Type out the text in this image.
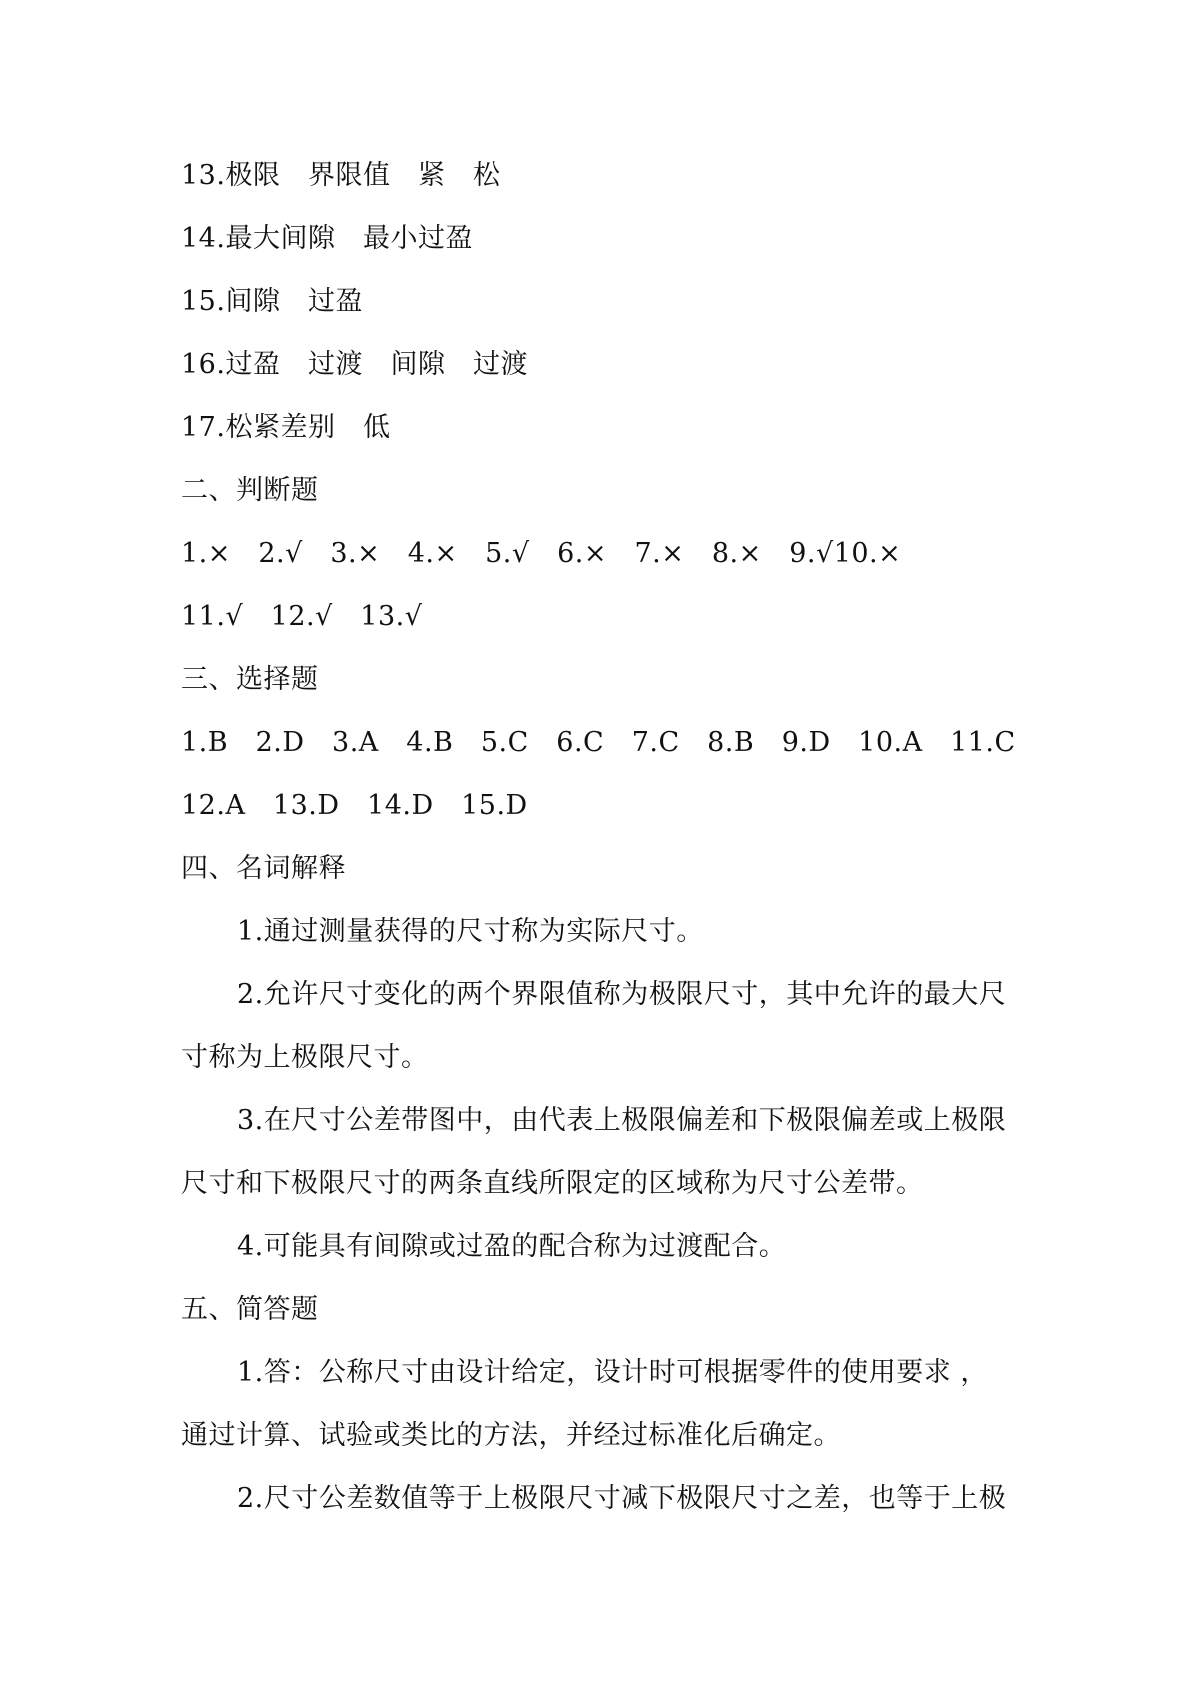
13.极限　界限值　紧　松
14.最大间隙　最小过盈
15.间隙　过盈
16.过盈　过渡　间隙　过渡
17.松紧差别　低
二、判断题
1.×　2.√　3.×　4.×　5.√　6.×　7.×　8.×　9.√10.×
11.√　12.√　13.√
三、选择题
1.B　2.D　3.A　4.B　5.C　6.C　7.C　8.B　9.D　10.A　11.C
12.A　13.D　14.D　15.D
四、名词解释
1.通过测量获得的尺寸称为实际尺寸。
2.允许尺寸变化的两个界限值称为极限尺寸，其中允许的最大尺
寸称为上极限尺寸。
3.在尺寸公差带图中，由代表上极限偏差和下极限偏差或上极限
尺寸和下极限尺寸的两条直线所限定的区域称为尺寸公差带。
4.可能具有间隙或过盈的配合称为过渡配合。
五、简答题
1.答：公称尺寸由设计给定，设计时可根据零件的使用要求 ，
通过计算、试验或类比的方法，并经过标准化后确定。
2.尺寸公差数值等于上极限尺寸减下极限尺寸之差，也等于上极
